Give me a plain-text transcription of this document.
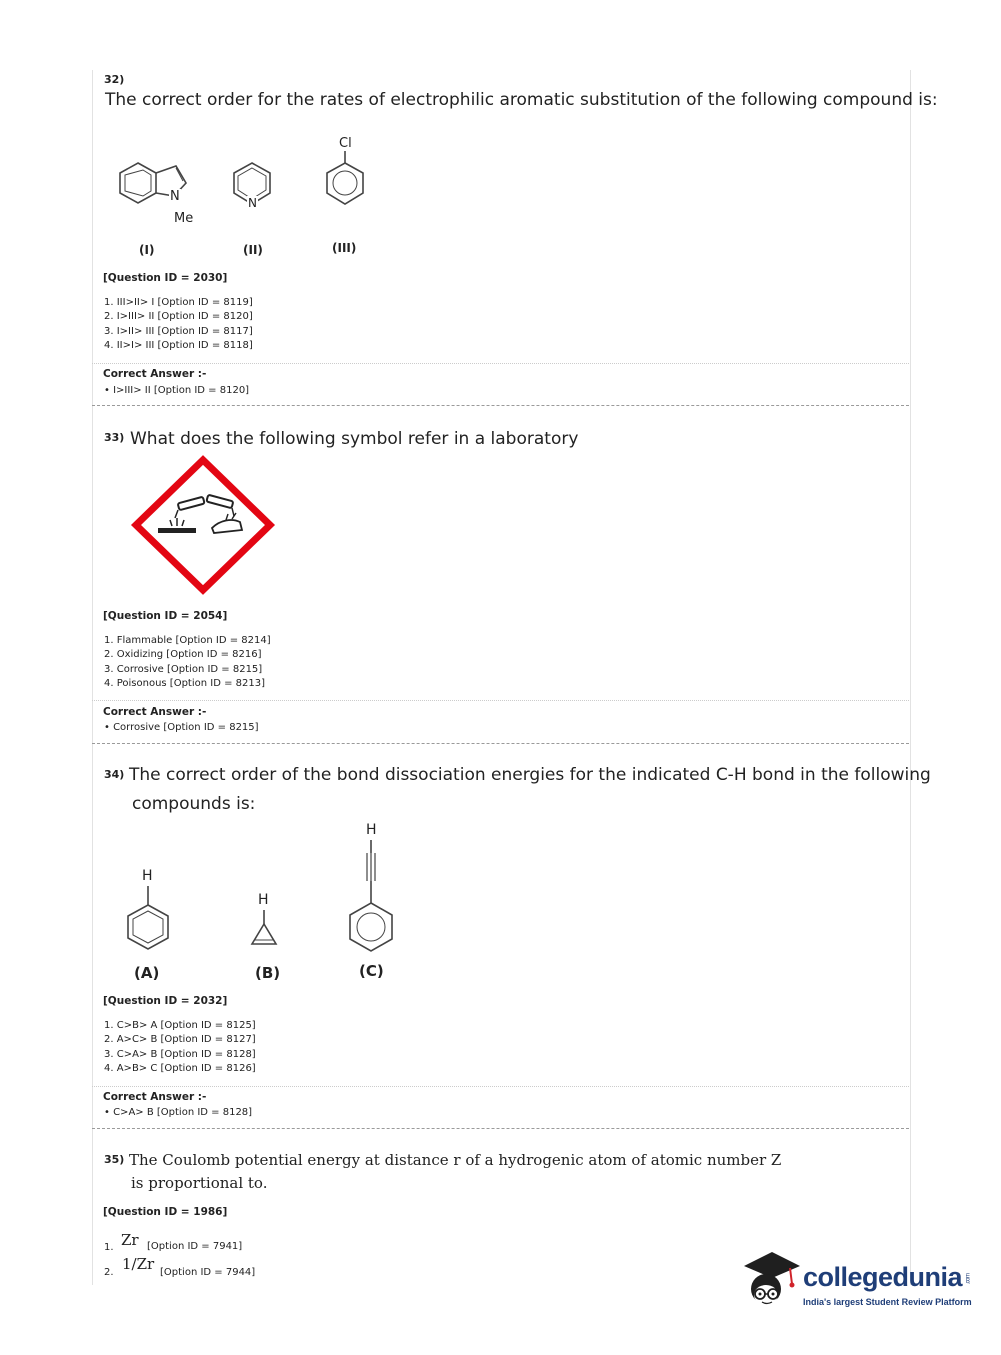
32)
The correct order for the rates of electrophilic aromatic substitution of the following compound is:
N
Me
N
Cl
(I)	(II)	(III)
[Question ID = 2030]
1. III>II> I [Option ID = 8119]
2. I>III> II [Option ID = 8120]
3. I>II> III [Option ID = 8117]
4. II>I> III [Option ID = 8118]
Correct Answer :-
• I>III> II [Option ID = 8120]
33) What does the following symbol refer in a laboratory
[Question ID = 2054]
1. Flammable [Option ID = 8214]
2. Oxidizing [Option ID = 8216]
3. Corrosive [Option ID = 8215]
4. Poisonous [Option ID = 8213]
Correct Answer :-
• Corrosive [Option ID = 8215]
34) The correct order of the bond dissociation energies for the indicated C-H bond in the following
compounds is:
H
H
H
(A)	(B)	(C)
[Question ID = 2032]
1. C>B> A [Option ID = 8125]
2. A>C> B [Option ID = 8127]
3. C>A> B [Option ID = 8128]
4. A>B> C [Option ID = 8126]
Correct Answer :-
• C>A> B [Option ID = 8128]
35) The Coulomb potential energy at distance r of a hydrogenic atom of atomic number Z
is proportional to.
[Question ID = 1986]
1. Zr [Option ID = 7941]
2. 1/Zr [Option ID = 7944]	collegedunia .com
India's largest Student Review Platform
